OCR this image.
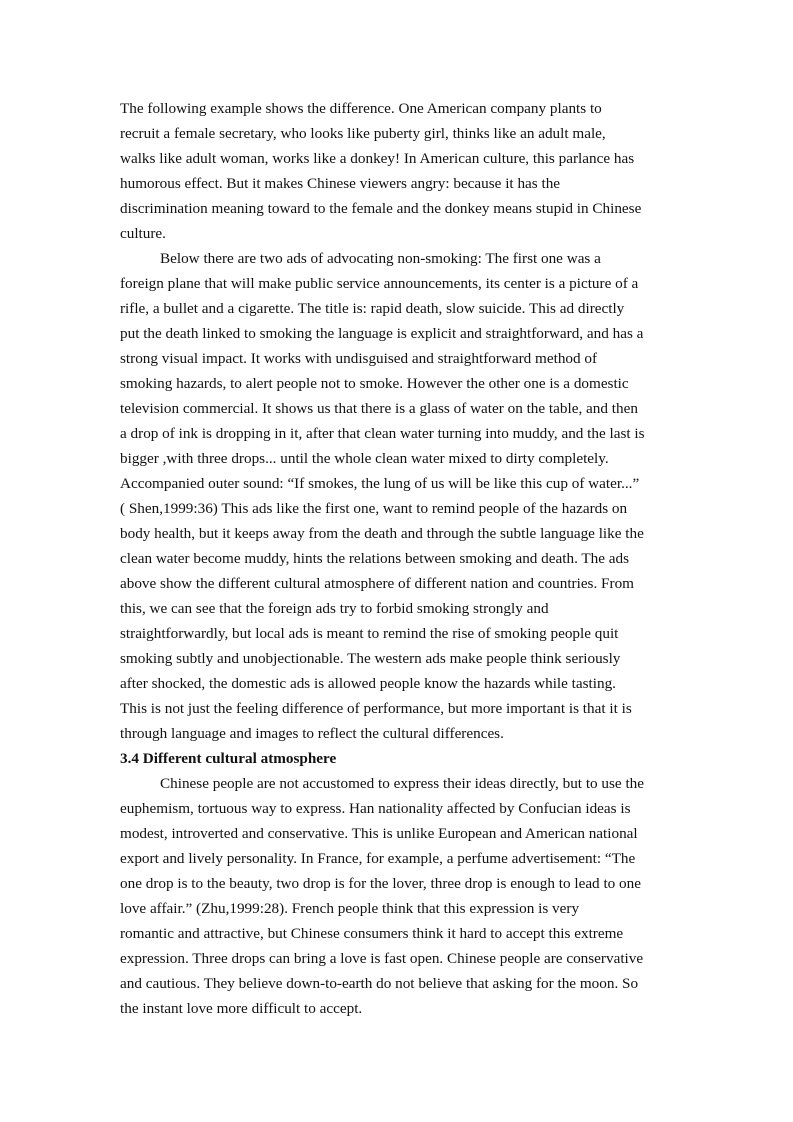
The following example shows the difference. One American company plants to
recruit a female secretary, who looks like puberty girl, thinks like an adult male,
walks like adult woman, works like a donkey! In American culture, this parlance has
humorous effect. But it makes Chinese viewers angry: because it has the
discrimination meaning toward to the female and the donkey means stupid in Chinese
culture.
Below there are two ads of advocating non-smoking: The first one was a
foreign plane that will make public service announcements, its center is a picture of a
rifle, a bullet and a cigarette. The title is: rapid death, slow suicide. This ad directly
put the death linked to smoking the language is explicit and straightforward, and has a
strong visual impact. It works with undisguised and straightforward method of
smoking hazards, to alert people not to smoke. However the other one is a domestic
television commercial. It shows us that there is a glass of water on the table, and then
a drop of ink is dropping in it, after that clean water turning into muddy, and the last is
bigger ,with three drops... until the whole clean water mixed to dirty completely.
Accompanied outer sound: “If smokes, the lung of us will be like this cup of water...”
( Shen,1999:36) This ads like the first one, want to remind people of the hazards on
body health, but it keeps away from the death and through the subtle language like the
clean water become muddy, hints the relations between smoking and death. The ads
above show the different cultural atmosphere of different nation and countries. From
this, we can see that the foreign ads try to forbid smoking strongly and
straightforwardly, but local ads is meant to remind the rise of smoking people quit
smoking subtly and unobjectionable. The western ads make people think seriously
after shocked, the domestic ads is allowed people know the hazards while tasting.
This is not just the feeling difference of performance, but more important is that it is
through language and images to reflect the cultural differences.
3.4 Different cultural atmosphere
Chinese people are not accustomed to express their ideas directly, but to use the
euphemism, tortuous way to express. Han nationality affected by Confucian ideas is
modest, introverted and conservative. This is unlike European and American national
export and lively personality. In France, for example, a perfume advertisement: “The
one drop is to the beauty, two drop is for the lover, three drop is enough to lead to one
love affair.” (Zhu,1999:28). French people think that this expression is very
romantic and attractive, but Chinese consumers think it hard to accept this extreme
expression. Three drops can bring a love is fast open. Chinese people are conservative
and cautious. They believe down-to-earth do not believe that asking for the moon. So
the instant love more difficult to accept.
